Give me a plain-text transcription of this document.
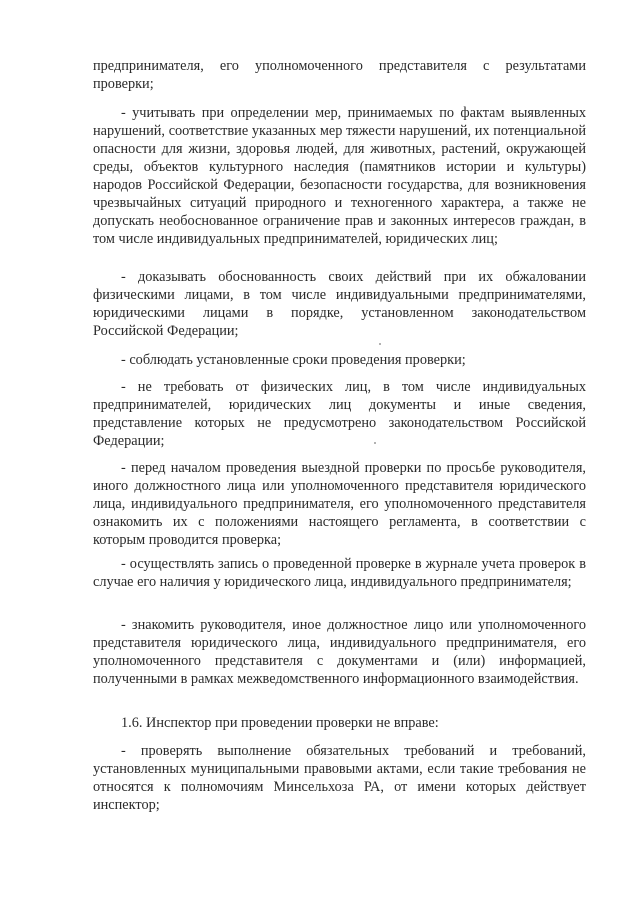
предпринимателя, его уполномоченного представителя с результатами проверки;

- учитывать при определении мер, принимаемых по фактам выявленных нарушений, соответствие указанных мер тяжести нарушений, их потенциальной опасности для жизни, здоровья людей, для животных, растений, окружающей среды, объектов культурного наследия (памятников истории и культуры) народов Российской Федерации, безопасности государства, для возникновения чрезвычайных ситуаций природного и техногенного характера, а также не допускать необоснованное ограничение прав и законных интересов граждан, в том числе индивидуальных предпринимателей, юридических лиц;

- доказывать обоснованность своих действий при их обжаловании физическими лицами, в том числе индивидуальными предпринимателями, юридическими лицами в порядке, установленном законодательством Российской Федерации;

- соблюдать установленные сроки проведения проверки;

- не требовать от физических лиц, в том числе индивидуальных предпринимателей, юридических лиц документы и иные сведения, представление которых не предусмотрено законодательством Российской Федерации;

- перед началом проведения выездной проверки по просьбе руководителя, иного должностного лица или уполномоченного представителя юридического лица, индивидуального предпринимателя, его уполномоченного представителя ознакомить их с положениями настоящего регламента, в соответствии с которым проводится проверка;

- осуществлять запись о проведенной проверке в журнале учета проверок в случае его наличия у юридического лица, индивидуального предпринимателя;

- знакомить руководителя, иное должностное лицо или уполномоченного представителя юридического лица, индивидуального предпринимателя, его уполномоченного представителя с документами и (или) информацией, полученными в рамках межведомственного информационного взаимодействия.

1.6. Инспектор при проведении проверки не вправе:

- проверять выполнение обязательных требований и требований, установленных муниципальными правовыми актами, если такие требования не относятся к полномочиям Минсельхоза РА, от имени которых действует инспектор;
